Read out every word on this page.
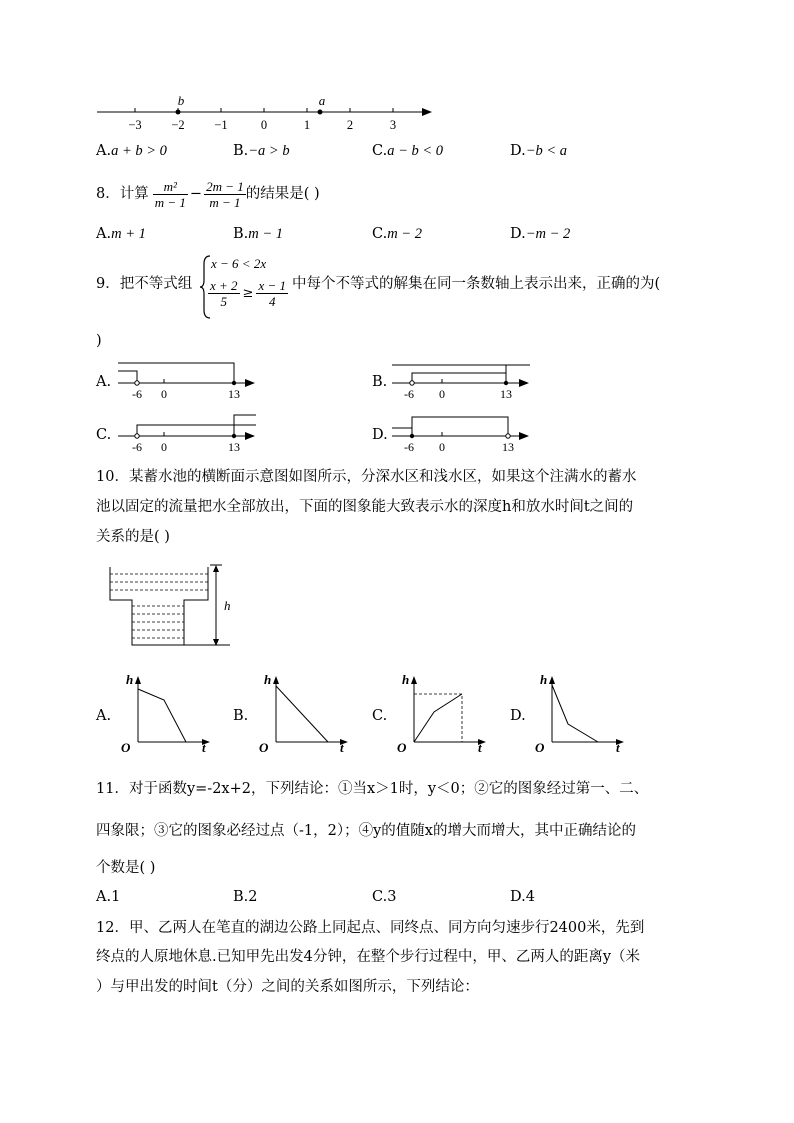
b	a
−3 −2 −1	0	1	2	3
A.a + b > 0	B.−a > b	C.a − b < 0	D.−b < a
8．计算 $\frac{\text{m²}}{m - 1} - \frac{2m - 1}{m - 1}$ 的结果是( )
A.m + 1	B.m − 1	C.m − 2	D.−m − 2
9．把不等式组
x − 6 < 2x
$\frac{x + 2}{5} \ge \frac{x - 1}{4}$ 中每个不等式的解集在同一条数轴上表示出来，正确的为(
)
A.
-6 0	13
B.
-6 0	13
C.
-6 0	13
D.
-6 0	13
10．某蓄水池的横断面示意图如图所示，分深水区和浅水区，如果这个注满水的蓄水
池以固定的流量把水全部放出，下面的图象能大致表示水的深度h和放水时间t之间的
关系的是( )
h
A.
h
O	t
B.
h
O	t
C.
h
O	t
D.
h
O	t
11．对于函数y=-2x+2，下列结论：①当x＞1时，y＜0；②它的图象经过第一、二、
四象限；③它的图象必经过点（-1，2）；④y的值随x的增大而增大，其中正确结论的
个数是( )
A.1	B.2	C.3	D.4
12．甲、乙两人在笔直的湖边公路上同起点、同终点、同方向匀速步行2400米，先到
终点的人原地休息.已知甲先出发4分钟，在整个步行过程中，甲、乙两人的距离y（米
）与甲出发的时间t（分）之间的关系如图所示，下列结论：
